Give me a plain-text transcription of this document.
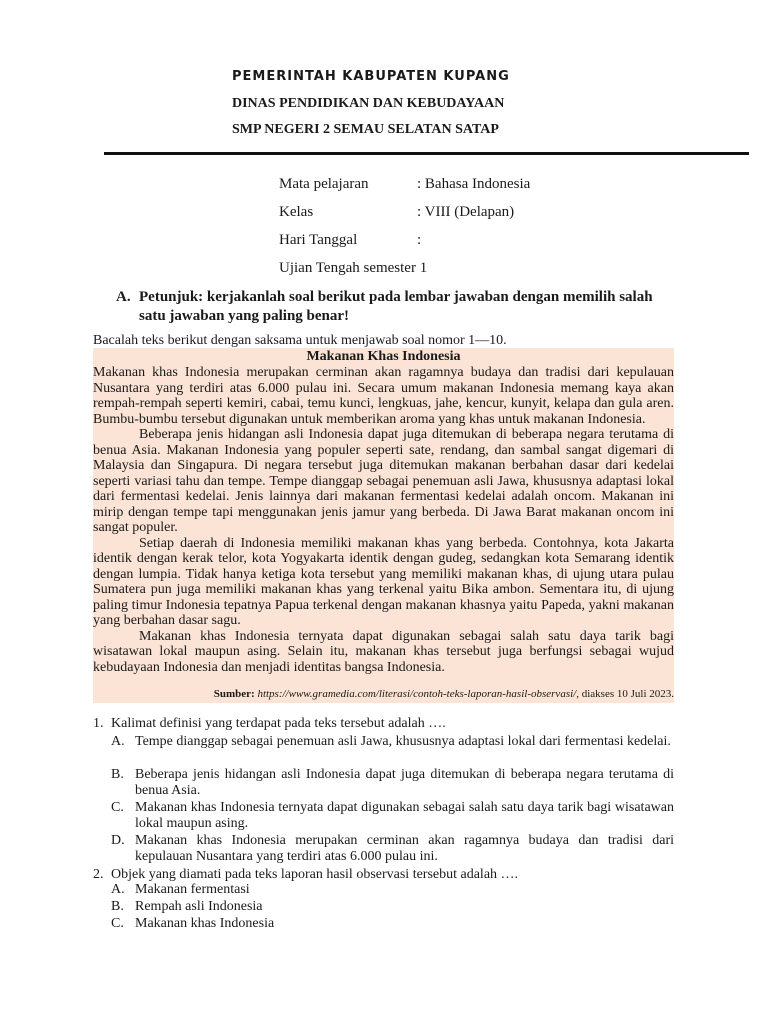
PEMERINTAH KABUPATEN KUPANG
DINAS PENDIDIKAN DAN KEBUDAYAAN
SMP NEGERI 2 SEMAU SELATAN SATAP
Mata pelajaran	: Bahasa Indonesia
Kelas	: VIII (Delapan)
Hari Tanggal	:
Ujian Tengah semester 1
A. Petunjuk: kerjakanlah soal berikut pada lembar jawaban dengan memilih salah satu jawaban yang paling benar!
Bacalah teks berikut dengan saksama untuk menjawab soal nomor 1—10.
Makanan Khas Indonesia

Makanan khas Indonesia merupakan cerminan akan ragamnya budaya dan tradisi dari kepulauan Nusantara yang terdiri atas 6.000 pulau ini. Secara umum makanan Indonesia memang kaya akan rempah-rempah seperti kemiri, cabai, temu kunci, lengkuas, jahe, kencur, kunyit, kelapa dan gula aren. Bumbu-bumbu tersebut digunakan untuk memberikan aroma yang khas untuk makanan Indonesia.

Beberapa jenis hidangan asli Indonesia dapat juga ditemukan di beberapa negara terutama di benua Asia. Makanan Indonesia yang populer seperti sate, rendang, dan sambal sangat digemari di Malaysia dan Singapura. Di negara tersebut juga ditemukan makanan berbahan dasar dari kedelai seperti variasi tahu dan tempe. Tempe dianggap sebagai penemuan asli Jawa, khususnya adaptasi lokal dari fermentasi kedelai. Jenis lainnya dari makanan fermentasi kedelai adalah oncom. Makanan ini mirip dengan tempe tapi menggunakan jenis jamur yang berbeda. Di Jawa Barat makanan oncom ini sangat populer.

Setiap daerah di Indonesia memiliki makanan khas yang berbeda. Contohnya, kota Jakarta identik dengan kerak telor, kota Yogyakarta identik dengan gudeg, sedangkan kota Semarang identik dengan lumpia. Tidak hanya ketiga kota tersebut yang memiliki makanan khas, di ujung utara pulau Sumatera pun juga memiliki makanan khas yang terkenal yaitu Bika ambon. Sementara itu, di ujung paling timur Indonesia tepatnya Papua terkenal dengan makanan khasnya yaitu Papeda, yakni makanan yang berbahan dasar sagu.

Makanan khas Indonesia ternyata dapat digunakan sebagai salah satu daya tarik bagi wisatawan lokal maupun asing. Selain itu, makanan khas tersebut juga berfungsi sebagai wujud kebudayaan Indonesia dan menjadi identitas bangsa Indonesia.

Sumber: https://www.gramedia.com/literasi/contoh-teks-laporan-hasil-observasi/, diakses 10 Juli 2023.
1. Kalimat definisi yang terdapat pada teks tersebut adalah ….
A. Tempe dianggap sebagai penemuan asli Jawa, khususnya adaptasi lokal dari fermentasi kedelai.
B. Beberapa jenis hidangan asli Indonesia dapat juga ditemukan di beberapa negara terutama di benua Asia.
C. Makanan khas Indonesia ternyata dapat digunakan sebagai salah satu daya tarik bagi wisatawan lokal maupun asing.
D. Makanan khas Indonesia merupakan cerminan akan ragamnya budaya dan tradisi dari kepulauan Nusantara yang terdiri atas 6.000 pulau ini.
2. Objek yang diamati pada teks laporan hasil observasi tersebut adalah ….
A. Makanan fermentasi
B. Rempah asli Indonesia
C. Makanan khas Indonesia
